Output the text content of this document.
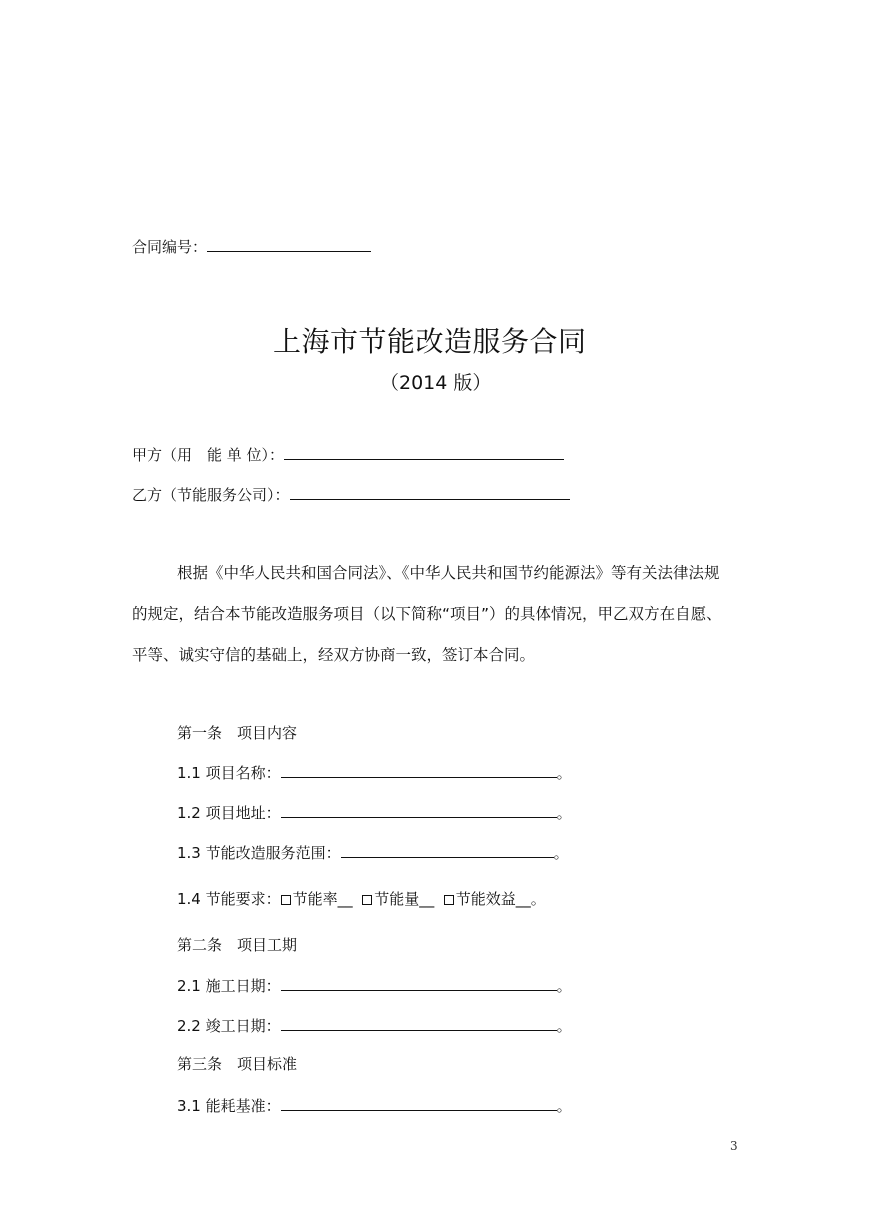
合同编号：
上海市节能改造服务合同
（2014 版）
甲方（用　能 单 位）：
乙方（节能服务公司）：
根据《中华人民共和国合同法》、《中华人民共和国节约能源法》等有关法律法规
的规定，结合本节能改造服务项目（以下简称“项目”）的具体情况，甲乙双方在自愿、
平等、诚实守信的基础上，经双方协商一致，签订本合同。
第一条　项目内容
1.1 项目名称：	。
1.2 项目地址：	。
1.3 节能改造服务范围：	。
1.4 节能要求： 节能率__ 节能量__ 节能效益__。
第二条　项目工期
2.1 施工日期：	。
2.2 竣工日期：	。
第三条　项目标准
3.1 能耗基准：	。
3
